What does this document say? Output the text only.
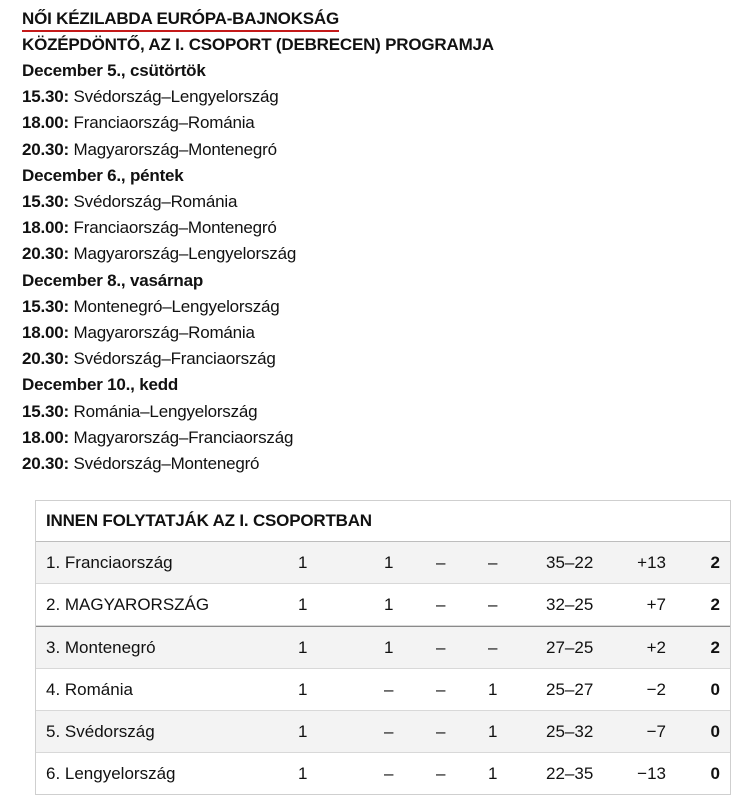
NŐI KÉZILABDA EURÓPA-BAJNOKSÁG
KÖZÉPDÖNTŐ, AZ I. CSOPORT (DEBRECEN) PROGRAMJA

December 5., csütörtök

15.30: Svédország–Lengyelország

18.00: Franciaország–Románia

20.30: Magyarország–Montenegró

December 6., péntek

15.30: Svédország–Románia

18.00: Franciaország–Montenegró

20.30: Magyarország–Lengyelország

December 8., vasárnap

15.30: Montenegró–Lengyelország

18.00: Magyarország–Románia

20.30: Svédország–Franciaország

December 10., kedd

15.30: Románia–Lengyelország

18.00: Magyarország–Franciaország

20.30: Svédország–Montenegró

INNEN FOLYTATJÁK AZ I. CSOPORTBAN
1. Franciaország	1	1	–	–	35–22	+13	2
2. MAGYARORSZÁG	1	1	–	–	32–25	+7	2
3. Montenegró	1	1	–	–	27–25	+2	2
4. Románia	1	–	–	1	25–27	−2	0
5. Svédország	1	–	–	1	25–32	−7	0
6. Lengyelország	1	–	–	1	22–35	−13	0
